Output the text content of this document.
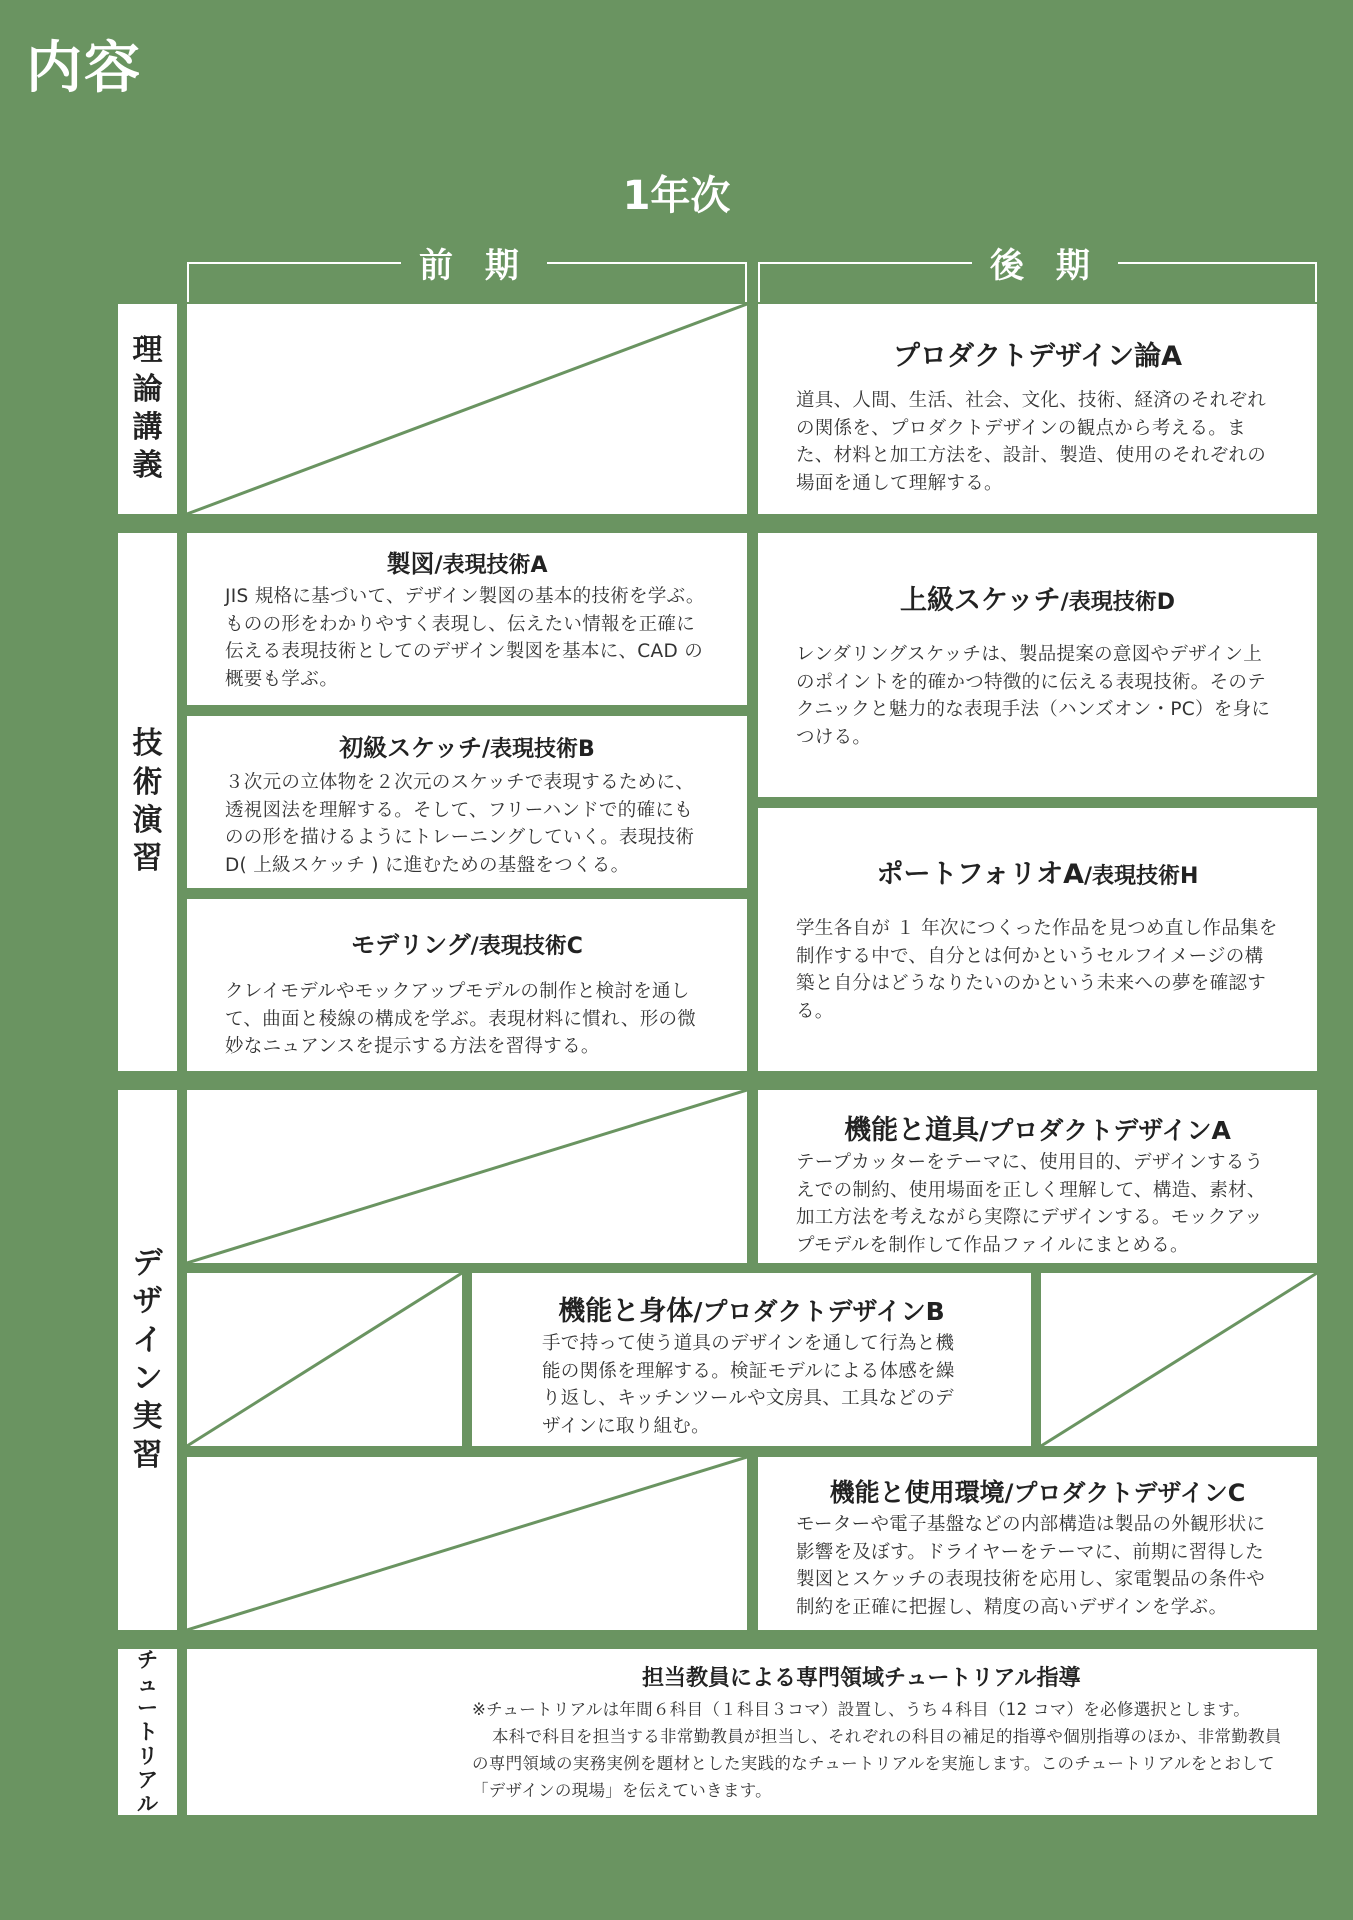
内容
1年次
前 期	後 期
理
論
講
義
技
術
演
習
デ
ザ
イ
ン
実
習
チ
ュ
ー
ト
リ
ア
ル
プロダクトデザイン論A
道具、人間、生活、社会、文化、技術、経済のそれぞれの関係を、プロダクトデザインの観点から考える。また、材料と加工方法を、設計、製造、使用のそれぞれの場面を通して理解する。
製図/表現技術A
JIS 規格に基づいて、デザイン製図の基本的技術を学ぶ。ものの形をわかりやすく表現し、伝えたい情報を正確に伝える表現技術としてのデザイン製図を基本に、CAD の概要も学ぶ。
初級スケッチ/表現技術B
３次元の立体物を２次元のスケッチで表現するために、透視図法を理解する。そして、フリーハンドで的確にものの形を描けるようにトレーニングしていく。表現技術 D( 上級スケッチ ) に進むための基盤をつくる。
モデリング/表現技術C
クレイモデルやモックアップモデルの制作と検討を通して、曲面と稜線の構成を学ぶ。表現材料に慣れ、形の微妙なニュアンスを提示する方法を習得する。
上級スケッチ/表現技術D
レンダリングスケッチは、製品提案の意図やデザイン上のポイントを的確かつ特徴的に伝える表現技術。そのテクニックと魅力的な表現手法（ハンズオン・PC）を身につける。
ポートフォリオA/表現技術H
学生各自が １ 年次につくった作品を見つめ直し作品集を制作する中で、自分とは何かというセルフイメージの構築と自分はどうなりたいのかという未来への夢を確認する。
機能と道具/プロダクトデザインA
テープカッターをテーマに、使用目的、デザインするうえでの制約、使用場面を正しく理解して、構造、素材、加工方法を考えながら実際にデザインする。モックアップモデルを制作して作品ファイルにまとめる。
機能と身体/プロダクトデザインB
手で持って使う道具のデザインを通して行為と機能の関係を理解する。検証モデルによる体感を繰り返し、キッチンツールや文房具、工具などのデザインに取り組む。
機能と使用環境/プロダクトデザインC
モーターや電子基盤などの内部構造は製品の外観形状に影響を及ぼす。ドライヤーをテーマに、前期に習得した製図とスケッチの表現技術を応用し、家電製品の条件や制約を正確に把握し、精度の高いデザインを学ぶ。
担当教員による専門領域チュートリアル指導
※チュートリアルは年間６科目（１科目３コマ）設置し、うち４科目（12 コマ）を必修選択とします。
本科で科目を担当する非常勤教員が担当し、それぞれの科目の補足的指導や個別指導のほか、非常勤教員の専門領域の実務実例を題材とした実践的なチュートリアルを実施します。このチュートリアルをとおして「デザインの現場」を伝えていきます。
